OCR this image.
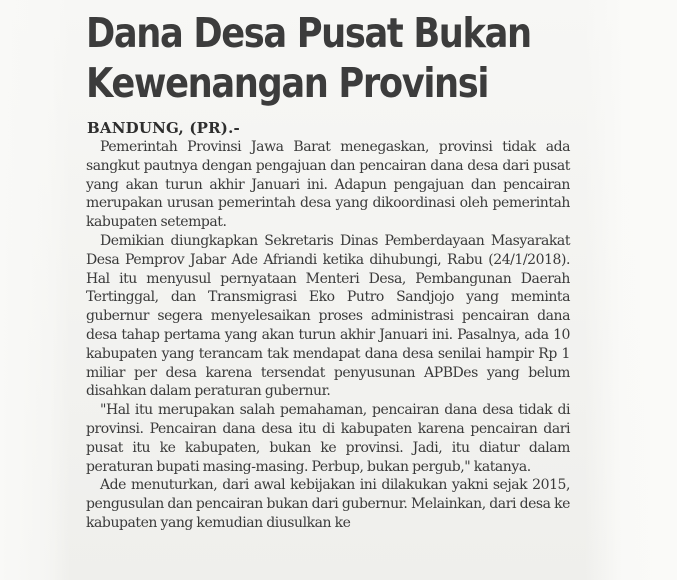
Dana Desa Pusat Bukan
Kewenangan Provinsi
BANDUNG, (PR).-

Pemerintah Provinsi Jawa Barat menegaskan, provinsi tidak ada sangkut pautnya dengan pengajuan dan pencairan dana desa dari pusat yang akan turun akhir Januari ini. Adapun pengajuan dan pencairan merupakan urusan pemerintah desa yang dikoordinasi oleh pemerintah kabupaten setempat.

Demikian diungkapkan Sekretaris Dinas Pemberdayaan Masyarakat Desa Pemprov Jabar Ade Afriandi ketika dihubungi, Rabu (24/1/2018). Hal itu menyusul pernyataan Menteri Desa, Pembangunan Daerah Tertinggal, dan Transmigrasi Eko Putro Sandjojo yang meminta gubernur segera menyelesaikan proses administrasi pencairan dana desa tahap pertama yang akan turun akhir Januari ini. Pasalnya, ada 10 kabupaten yang terancam tak mendapat dana desa senilai hampir Rp 1 miliar per desa karena tersendat penyusunan APBDes yang belum disahkan dalam peraturan gubernur.

"Hal itu merupakan salah pemahaman, pencairan dana desa tidak di provinsi. Pencairan dana desa itu di kabupaten karena pencairan dari pusat itu ke kabupaten, bukan ke provinsi. Jadi, itu diatur dalam peraturan bupati masing-masing. Perbup, bukan pergub," katanya.

Ade menuturkan, dari awal kebijakan ini dilakukan yakni sejak 2015, pengusulan dan pencairan bukan dari gubernur. Melainkan, dari desa ke kabupaten yang kemudian diusulkan ke
